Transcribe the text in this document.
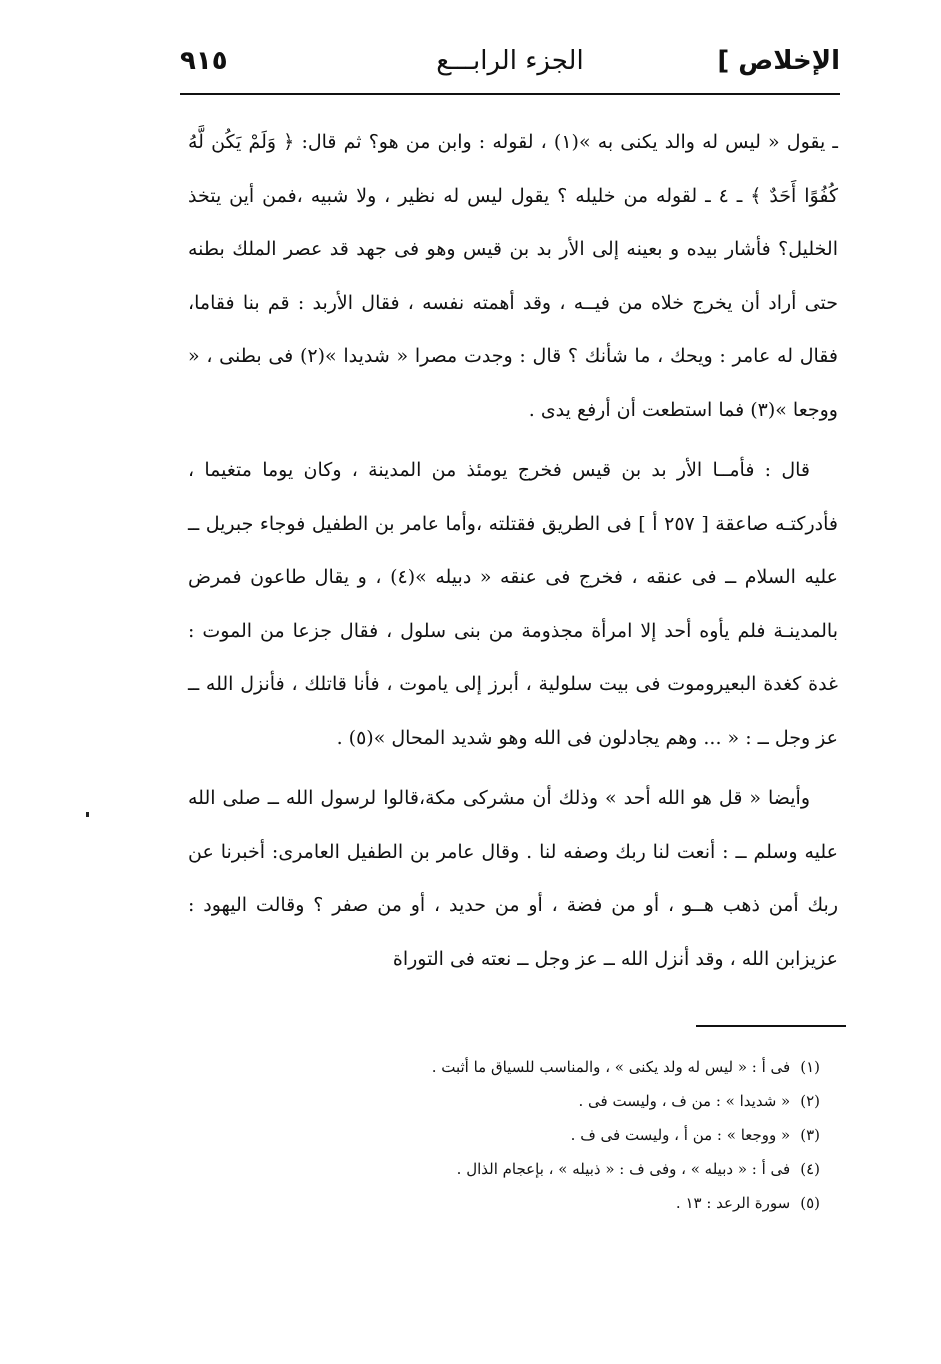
الإخلاص ]
الجزء الرابـــع
٩١٥

ـ يقول « ليس له والد يكنى به »(١) ، لقوله : وابن من هو؟ ثم قال: ﴿ وَلَمْ يَكُن لَّهُ كُفُوًا أَحَدٌ ﴾ ـ ٤ ـ لقوله من خليله ؟ يقول ليس له نظير ، ولا شبيه ،فمن أين يتخذ الخليل؟ فأشار بيده و بعينه إلى الأر بد بن قيس وهو فى جهد قد عصر الملك بطنه حتى أراد أن يخرج خلاه من فيــه ، وقد أهمته نفسه ، فقال الأربد : قم بنا فقاما، فقال له عامر : ويحك ، ما شأنك ؟ قال : وجدت مصرا « شديدا »(٢) فى بطنى ، « ووجعا »(٣) فما استطعت أن أرفع يدى .

قال : فأمــا الأر بد بن قيس فخرج يومئذ من المدينة ، وكان يوما متغيما ، فأدركتـه صاعقة [ ٢٥٧ أ ] فى الطريق فقتلته ،وأما عامر بن الطفيل فوجاء جبريل ــ عليه السلام ــ فى عنقه ، فخرج فى عنقه « دبيله »(٤) ، و يقال طاعون فمرض بالمدينـة فلم يأوه أحد إلا امرأة مجذومة من بنى سلول ، فقال جزعا من الموت : غدة كغدة البعيروموت فى بيت سلولية ، أبرز إلى ياموت ، فأنا قاتلك ، فأنزل الله ــ عز وجل ــ : « ... وهم يجادلون فى الله وهو شديد المحال »(٥) .

وأيضا « قل هو الله أحد » وذلك أن مشركى مكة،قالوا لرسول الله ــ صلى الله عليه وسلم ــ : أنعت لنا ربك وصفه لنا . وقال عامر بن الطفيل العامرى: أخبرنا عن ربك أمن ذهب هــو ، أو من فضة ، أو من حديد ، أو من صفر ؟ وقالت اليهود : عزيزابن الله ، وقد أنزل الله ــ عز وجل ــ نعته فى التوراة

(١)فى أ : « ليس له ولد يكنى » ، والمناسب للسياق ما أثبت .
(٢)« شديدا » : من ف ، وليست فى .
(٣)« ووجعا » : من أ ، وليست فى ف .
(٤)فى أ : « دبيله » ، وفى ف : « ذبيله » ، بإعجام الذال .
(٥)سورة الرعد : ١٣ .
